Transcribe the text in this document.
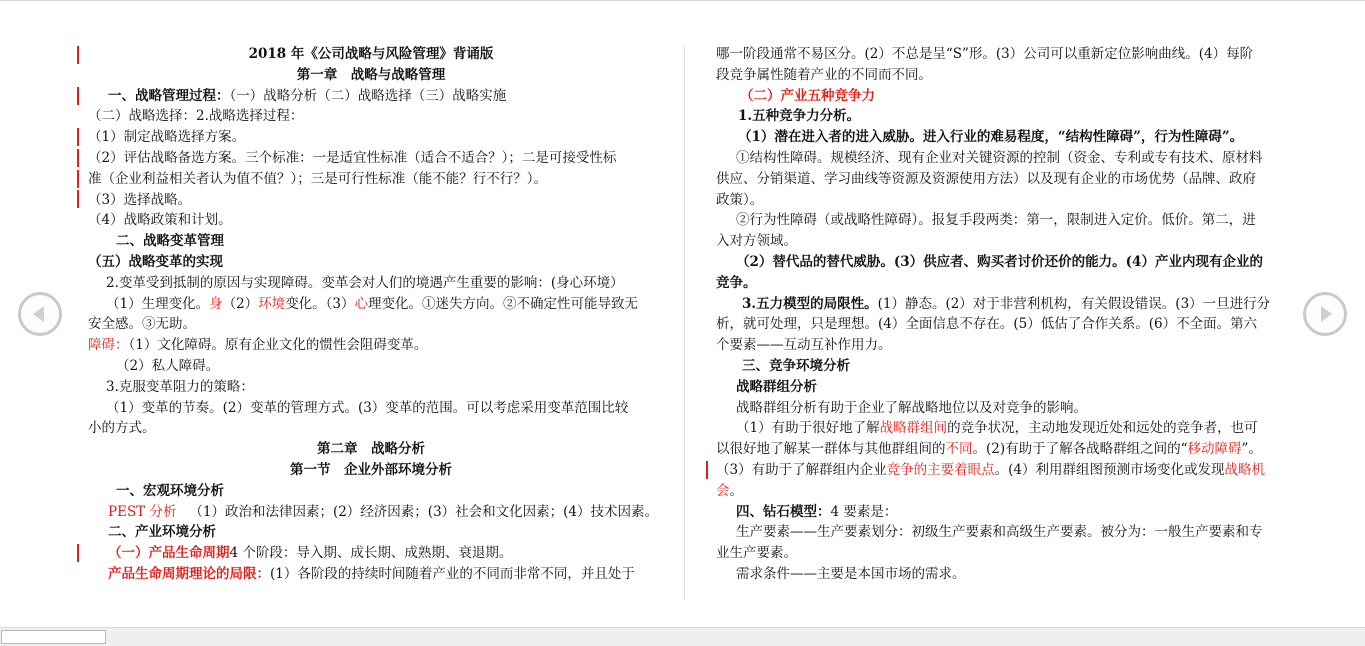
2018 年《公司战略与风险管理》背诵版

第一章　战略与战略管理

一、战略管理过程：（一）战略分析（二）战略选择（三）战略实施

（二）战略选择：2.战略选择过程：

（1）制定战略选择方案。

（2）评估战略备选方案。三个标准：一是适宜性标准（适合不适合？）；二是可接受性标

准（企业利益相关者认为值不值？）；三是可行性标准（能不能？行不行？）。

（3）选择战略。

（4）战略政策和计划。

二、战略变革管理

（五）战略变革的实现

2.变革受到抵制的原因与实现障碍。变革会对人们的境遇产生重要的影响：(身心环境）

（1）生理变化。身（2）环境变化。（3）心理变化。①迷失方向。②不确定性可能导致无

安全感。③无助。

障碍：（1）文化障碍。原有企业文化的惯性会阻碍变革。

（2）私人障碍。

3.克服变革阻力的策略：

（1）变革的节奏。(2）变革的管理方式。(3）变革的范围。可以考虑采用变革范围比较

小的方式。

第二章　战略分析

第一节　企业外部环境分析

一、宏观环境分析

PEST 分析 （1）政治和法律因素；(2）经济因素；(3）社会和文化因素；(4）技术因素。

二、产业环境分析

（一）产品生命周期4 个阶段：导入期、成长期、成熟期、衰退期。

产品生命周期理论的局限：(1）各阶段的持续时间随着产业的不同而非常不同，并且处于

哪一阶段通常不易区分。(2）不总是呈“S”形。(3）公司可以重新定位影响曲线。(4）每阶

段竞争属性随着产业的不同而不同。

（二）产业五种竞争力

1.五种竞争力分析。

（1）潜在进入者的进入威胁。进入行业的难易程度，“结构性障碍”，行为性障碍”。

①结构性障碍。规模经济、现有企业对关键资源的控制（资金、专利或专有技术、原材料

供应、分销渠道、学习曲线等资源及资源使用方法）以及现有企业的市场优势（品牌、政府

政策）。

②行为性障碍（或战略性障碍）。报复手段两类：第一，限制进入定价。低价。第二，进

入对方领域。

（2）替代品的替代威胁。(3）供应者、购买者讨价还价的能力。(4）产业内现有企业的

竞争。

3.五力模型的局限性。(1）静态。(2）对于非营利机构，有关假设错误。(3）一旦进行分

析，就可处理，只是理想。(4）全面信息不存在。(5）低估了合作关系。(6）不全面。第六

个要素——互动互补作用力。

三、竞争环境分析

战略群组分析

战略群组分析有助于企业了解战略地位以及对竞争的影响。

（1）有助于很好地了解战略群组间的竞争状况，主动地发现近处和远处的竞争者，也可

以很好地了解某一群体与其他群组间的不同。(2)有助于了解各战略群组之间的“移动障碍”。

（3）有助于了解群组内企业竞争的主要着眼点。(4）利用群组图预测市场变化或发现战略机

会。

四、钻石模型：4 要素是：

生产要素——生产要素划分：初级生产要素和高级生产要素。被分为：一般生产要素和专

业生产要素。

需求条件——主要是本国市场的需求。
